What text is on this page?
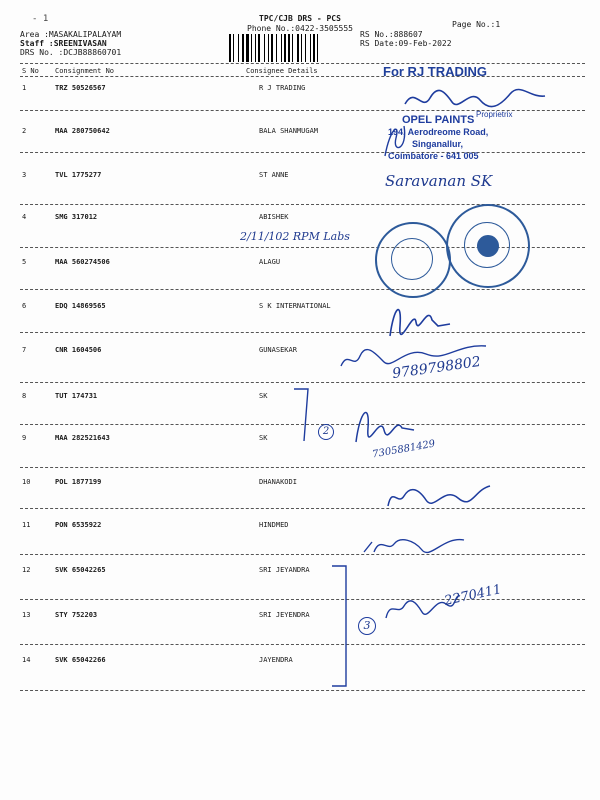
- 1	TPC/CJB DRS - PCS
Phone No.:0422-3505555	Page No.:1
Area :MASAKALIPALAYAM
Staff :SREENIVASAN
DRS No. :DCJB88860701
RS No.:888607
RS Date:09-Feb-2022
S No Consignment No	Consignee Details
1	TRZ 50526567	R J TRADING
2	MAA 280750642	BALA SHANMUGAM
3	TVL 1775277	ST ANNE
4	SMG 317012	ABISHEK
5	MAA 560274506	ALAGU
6	EDQ 14869565	S K INTERNATIONAL
7	CNR 1604506	GUNASEKAR
8	TUT 174731	SK
9	MAA 282521643	SK
10	POL 1877199	DHANAKODI
11	PON 6535922	HINDMED
12	SVK 65042265	SRI JEYANDRA
13	STY 752203	SRI JEYENDRA
14	SVK 65042266	JAYENDRA
For RJ TRADING
Proprietrix
OPEL PAINTS
194, Aerodreome Road,
Singanallur,
Coimbatore - 641 005
Saravanan SK
2/11/102 RPM Labs
9789798802
2
7305881429
3
2270411
